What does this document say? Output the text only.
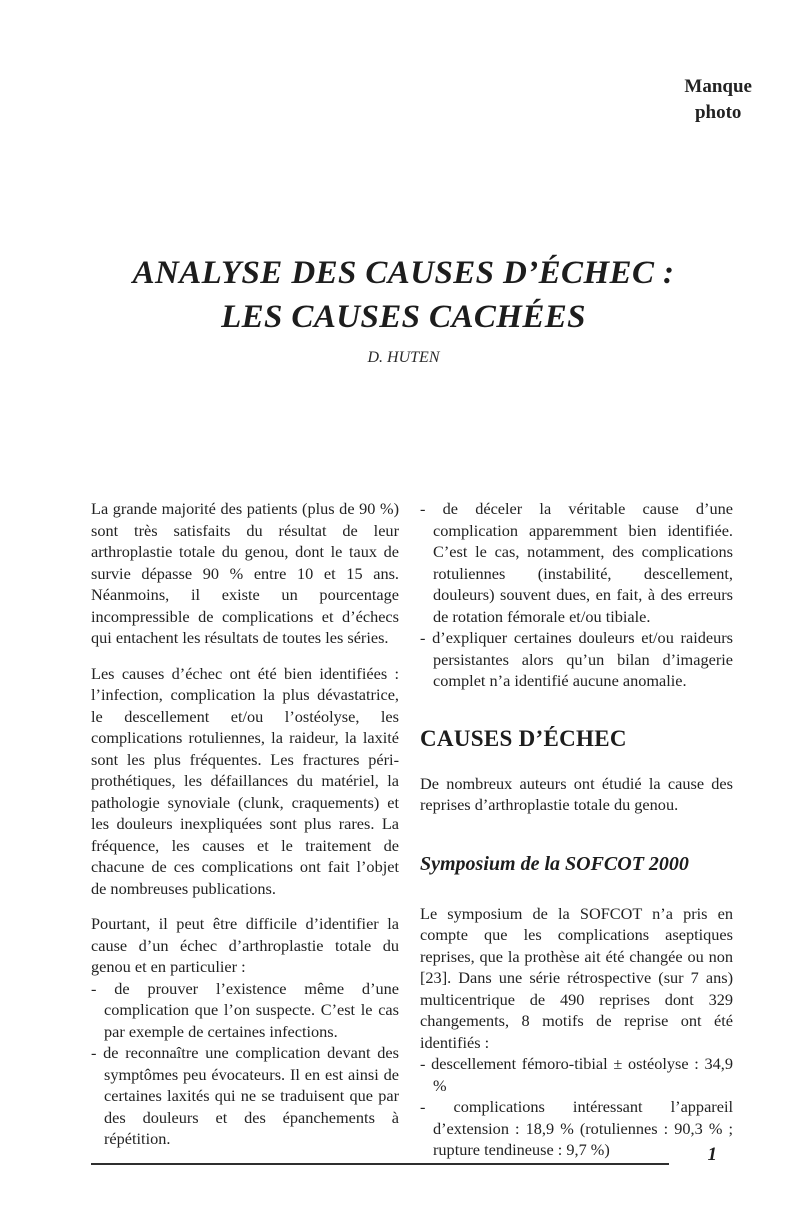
Manque
photo
ANALYSE DES CAUSES D’ÉCHEC :
LES CAUSES CACHÉES
D. HUTEN

La grande majorité des patients (plus de 90 %) sont très satisfaits du résultat de leur arthroplastie totale du genou, dont le taux de survie dépasse 90 % entre 10 et 15 ans. Néanmoins, il existe un pourcentage incompressible de complications et d’échecs qui entachent les résultats de toutes les séries.

Les causes d’échec ont été bien identifiées : l’infection, complication la plus dévastatrice, le descellement et/ou l’ostéolyse, les complications rotuliennes, la raideur, la laxité sont les plus fréquentes. Les fractures péri-prothétiques, les défaillances du matériel, la pathologie synoviale (clunk, craquements) et les douleurs inexpliquées sont plus rares. La fréquence, les causes et le traitement de chacune de ces complications ont fait l’objet de nombreuses publications.

Pourtant, il peut être difficile d’identifier la cause d’un échec d’arthroplastie totale du genou et en particulier :

- de prouver l’existence même d’une complication que l’on suspecte. C’est le cas par exemple de certaines infections.
- de reconnaître une complication devant des symptômes peu évocateurs. Il en est ainsi de certaines laxités qui ne se traduisent que par des douleurs et des épanchements à répétition.
- de déceler la véritable cause d’une complication apparemment bien identifiée. C’est le cas, notamment, des complications rotuliennes (instabilité, descellement, douleurs) souvent dues, en fait, à des erreurs de rotation fémorale et/ou tibiale.
- d’expliquer certaines douleurs et/ou raideurs persistantes alors qu’un bilan d’imagerie complet n’a identifié aucune anomalie.
CAUSES D’ÉCHEC

De nombreux auteurs ont étudié la cause des reprises d’arthroplastie totale du genou.

Symposium de la SOFCOT 2000

Le symposium de la SOFCOT n’a pris en compte que les complications aseptiques reprises, que la prothèse ait été changée ou non [23]. Dans une série rétrospective (sur 7 ans) multicentrique de 490 reprises dont 329 changements, 8 motifs de reprise ont été identifiés :

- descellement fémoro-tibial ± ostéolyse : 34,9 %
- complications intéressant l’appareil d’extension : 18,9 % (rotuliennes : 90,3 % ; rupture tendineuse : 9,7 %)	1
